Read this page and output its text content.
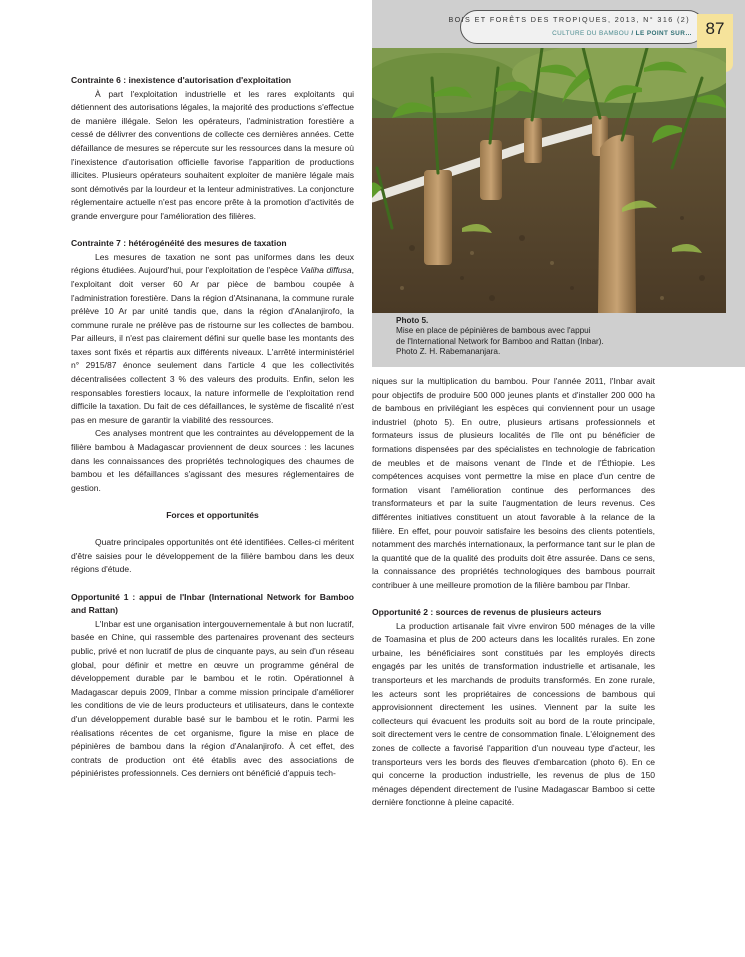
BOIS ET FORÊTS DES TROPIQUES, 2013, N° 316 (2)
CULTURE DU BAMBOU / LE POINT SUR… 87
Photo 5.
Mise en place de pépinières de bambous avec l'appui
de l'International Network for Bamboo and Rattan (Inbar).
Photo Z. H. Rabemananjara.
Contrainte 6 : inexistence d'autorisation d'exploitation

À part l'exploitation industrielle et les rares exploitants qui détiennent des autorisations légales, la majorité des productions s'effectue de manière illégale. Selon les opérateurs, l'administration forestière a cessé de délivrer des conventions de collecte ces dernières années. Cette défaillance de mesures se répercute sur les ressources dans la mesure où l'inexistence d'autorisation officielle favorise l'apparition de productions illicites. Plusieurs opérateurs souhaitent exploiter de manière légale mais sont démotivés par la lourdeur et la lenteur administratives. La conjoncture réglementaire actuelle n'est pas encore prête à la promotion d'activités de grande envergure pour l'amélioration des filières.

Contrainte 7 : hétérogénéité des mesures de taxation

Les mesures de taxation ne sont pas uniformes dans les deux régions étudiées. Aujourd'hui, pour l'exploitation de l'espèce Valiha diffusa, l'exploitant doit verser 60 Ar par pièce de bambou coupée à l'administration forestière. Dans la région d'Atsinanana, la commune rurale prélève 10 Ar par unité tandis que, dans la région d'Analanjirofo, la commune rurale ne prélève pas de ristourne sur les collectes de bambou. Par ailleurs, il n'est pas clairement défini sur quelle base les montants des taxes sont fixés et répartis aux différents niveaux. L'arrêté interministériel n° 2915/87 énonce seulement dans l'article 4 que les collectivités décentralisées collectent 3 % des valeurs des produits. Enfin, selon les responsables forestiers locaux, la nature informelle de l'exploitation rend difficile la taxation. Du fait de ces défaillances, le système de fiscalité n'est pas en mesure de garantir la viabilité des ressources.

Ces analyses montrent que les contraintes au développement de la filière bambou à Madagascar proviennent de deux sources : les lacunes dans les connaissances des propriétés technologiques des chaumes de bambou et les défaillances s'agissant des mesures réglementaires de gestion.

Forces et opportunités

Quatre principales opportunités ont été identifiées. Celles-ci méritent d'être saisies pour le développement de la filière bambou dans les deux régions d'étude.

Opportunité 1 : appui de l'Inbar (International Network for Bamboo and Rattan)

L'Inbar est une organisation intergouvernementale à but non lucratif, basée en Chine, qui rassemble des partenaires provenant des secteurs public, privé et non lucratif de plus de cinquante pays, au sein d'un réseau global, pour définir et mettre en œuvre un programme général de développement durable par le bambou et le rotin. Opérationnel à Madagascar depuis 2009, l'Inbar a comme mission principale d'améliorer les conditions de vie de leurs producteurs et utilisateurs, dans le contexte d'un développement durable basé sur le bambou et le rotin. Parmi les réalisations récentes de cet organisme, figure la mise en place de pépinières de bambou dans la région d'Analanjirofo. À cet effet, des contrats de production ont été établis avec des associations de pépiniéristes professionnels. Ces derniers ont bénéficié d'appuis tech-

niques sur la multiplication du bambou. Pour l'année 2011, l'Inbar avait pour objectifs de produire 500 000 jeunes plants et d'installer 200 000 ha de bambous en privilégiant les espèces qui conviennent pour un usage industriel (photo 5). En outre, plusieurs artisans professionnels et formateurs issus de plusieurs localités de l'île ont pu bénéficier de formations dispensées par des spécialistes en technologie de fabrication de meubles et de maisons venant de l'Inde et de l'Éthiopie. Les compétences acquises vont permettre la mise en place d'un centre de formation visant l'amélioration continue des performances des transformateurs et par la suite l'augmentation de leurs revenus. Ces différentes initiatives constituent un atout favorable à la relance de la filière. En effet, pour pouvoir satisfaire les besoins des clients potentiels, notamment des marchés internationaux, la performance tant sur le plan de la quantité que de la qualité des produits doit être assurée. Dans ce sens, la connaissance des propriétés technologiques des bambous pourrait contribuer à une meilleure promotion de la filière bambou par l'Inbar.

Opportunité 2 : sources de revenus de plusieurs acteurs

La production artisanale fait vivre environ 500 ménages de la ville de Toamasina et plus de 200 acteurs dans les localités rurales. En zone urbaine, les bénéficiaires sont constitués par les employés directs engagés par les unités de transformation industrielle et artisanale, les transporteurs et les marchands de produits transformés. En zone rurale, les acteurs sont les propriétaires de concessions de bambous qui approvisionnent directement les usines. Viennent par la suite les collecteurs qui évacuent les produits soit au bord de la route principale, soit directement vers le centre de consommation finale. L'éloignement des zones de collecte a favorisé l'apparition d'un nouveau type d'acteur, les transporteurs vers les bords des fleuves d'embarcation (photo 6). En ce qui concerne la production industrielle, les revenus de plus de 150 ménages dépendent directement de l'usine Madagascar Bamboo si cette dernière fonctionne à pleine capacité.
